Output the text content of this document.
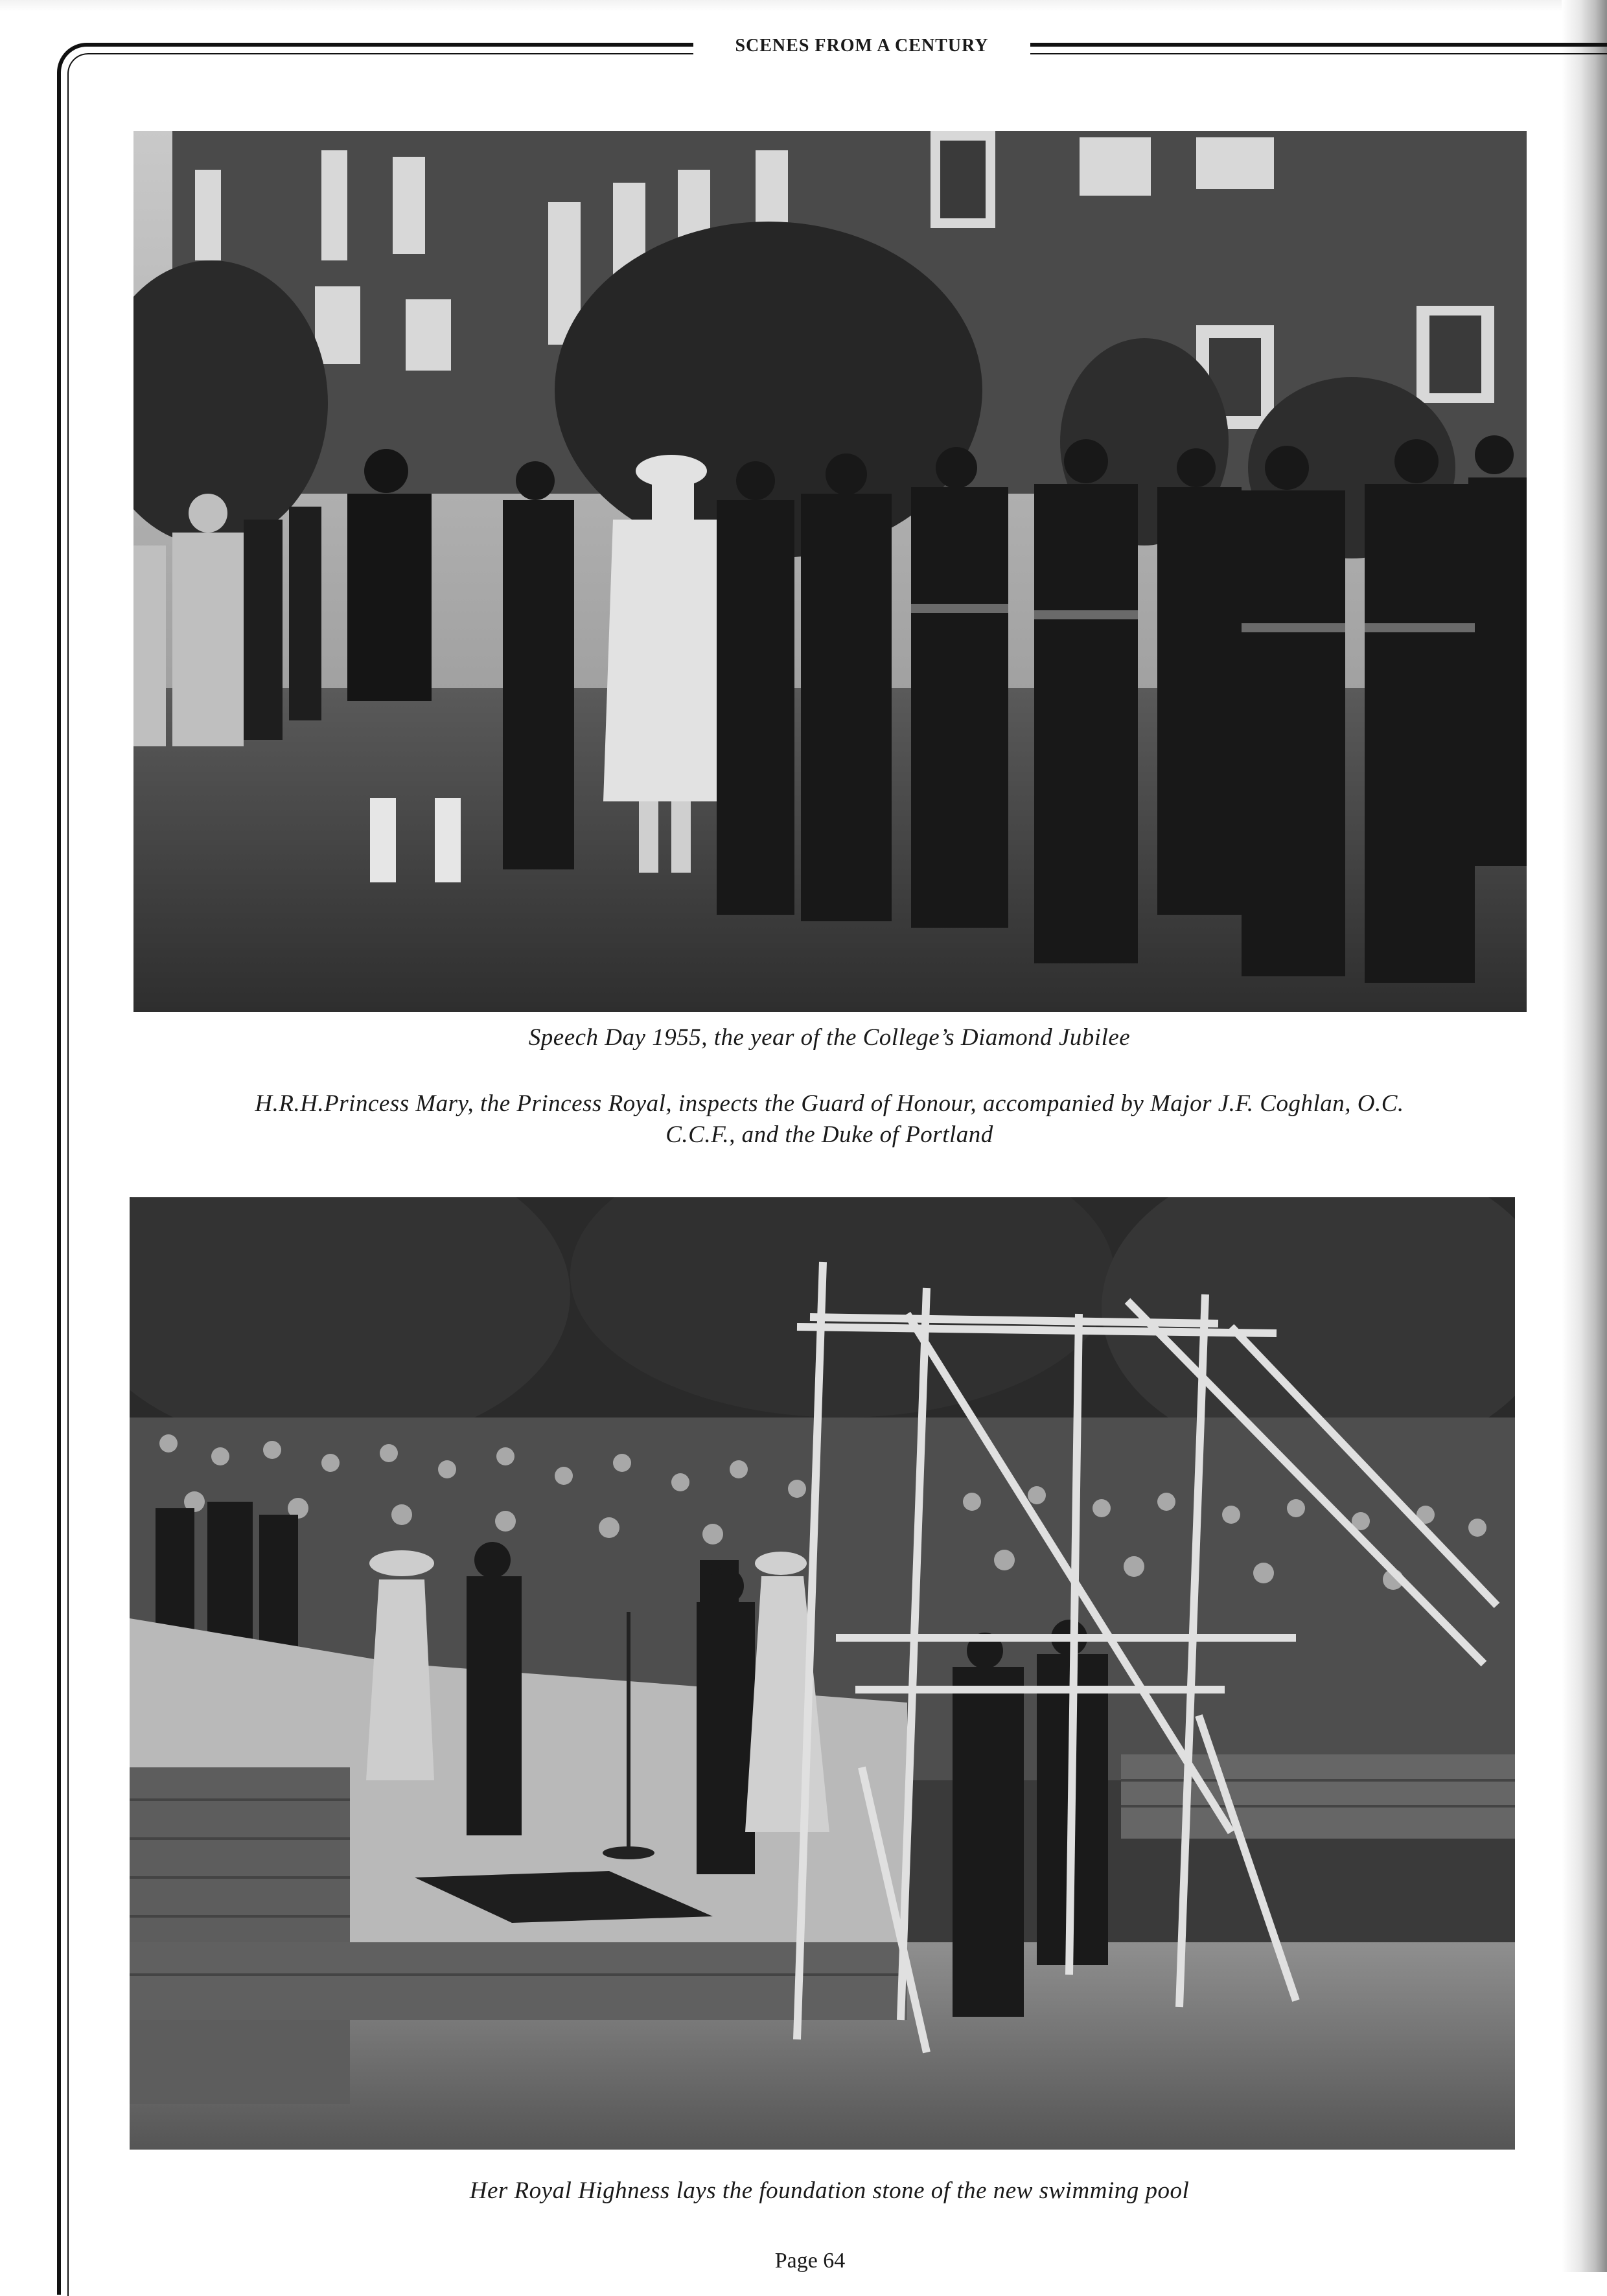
SCENES FROM A CENTURY
Speech Day 1955, the year of the College’s Diamond Jubilee
H.R.H.Princess Mary, the Princess Royal, inspects the Guard of Honour, accompanied by Major J.F. Coghlan, O.C.
C.C.F., and the Duke of Portland
Her Royal Highness lays the foundation stone of the new swimming pool
Page 64
